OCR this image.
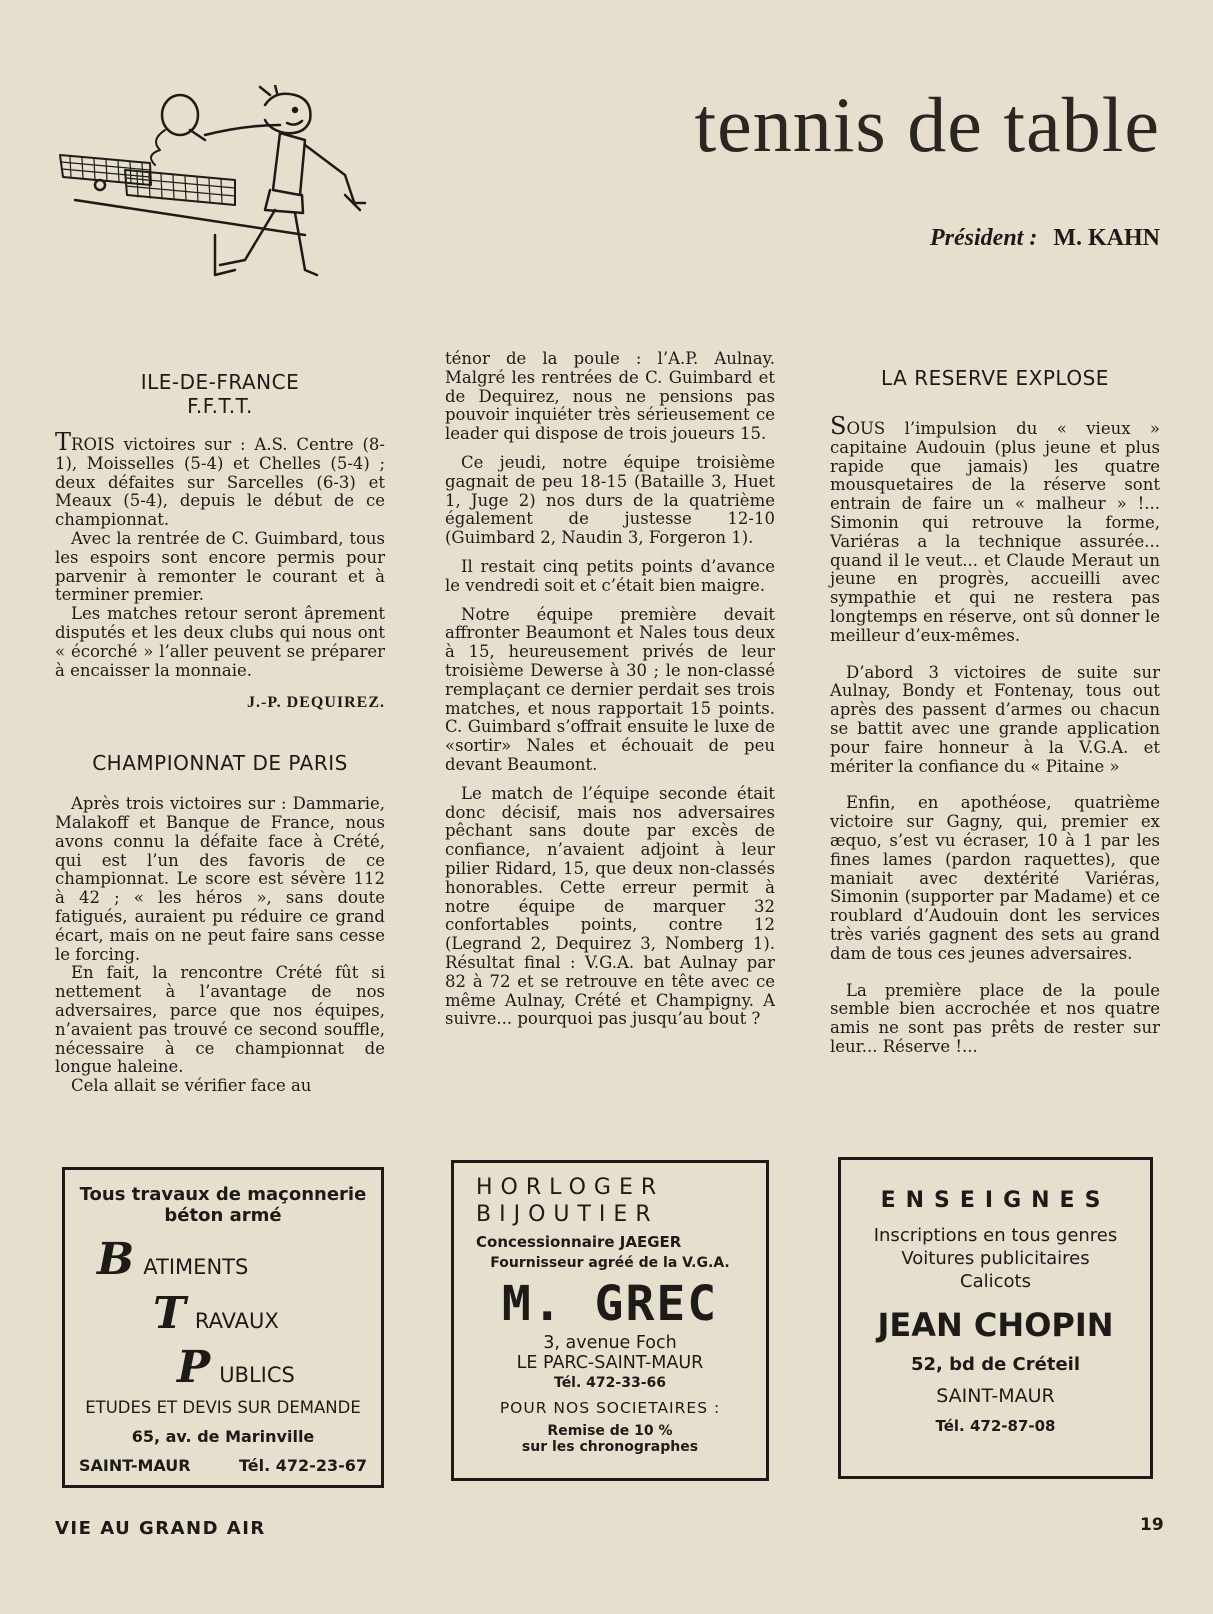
tennis de table
Président : M. KAHN
ILE-DE-FRANCE
F.F.T.T.

TROIS victoires sur : A.S. Centre (8-1), Moisselles (5-4) et Chelles (5-4) ; deux défaites sur Sarcelles (6-3) et Meaux (5-4), depuis le début de ce championnat.

Avec la rentrée de C. Guimbard, tous les espoirs sont encore permis pour parvenir à remonter le courant et à terminer premier.

Les matches retour seront âprement disputés et les deux clubs qui nous ont « écorché » l’aller peuvent se préparer à encaisser la monnaie.

J.-P. DEQUIREZ.
CHAMPIONNAT DE PARIS

Après trois victoires sur : Dammarie, Malakoff et Banque de France, nous avons connu la défaite face à Crété, qui est l’un des favoris de ce championnat. Le score est sévère 112 à 42 ; « les héros », sans doute fatigués, auraient pu réduire ce grand écart, mais on ne peut faire sans cesse le forcing.

En fait, la rencontre Crété fût si nettement à l’avantage de nos adversaires, parce que nos équipes, n’avaient pas trouvé ce second souffle, nécessaire à ce championnat de longue haleine.

Cela allait se vérifier face au

ténor de la poule : l’A.P. Aulnay. Malgré les rentrées de C. Guimbard et de Dequirez, nous ne pensions pas pouvoir inquiéter très sérieusement ce leader qui dispose de trois joueurs 15.

Ce jeudi, notre équipe troisième gagnait de peu 18-15 (Bataille 3, Huet 1, Juge 2) nos durs de la quatrième également de justesse 12-10 (Guimbard 2, Naudin 3, Forgeron 1).

Il restait cinq petits points d’avance le vendredi soit et c’était bien maigre.

Notre équipe première devait affronter Beaumont et Nales tous deux à 15, heureusement privés de leur troisième Dewerse à 30 ; le non-classé remplaçant ce dernier perdait ses trois matches, et nous rapportait 15 points. C. Guimbard s’offrait ensuite le luxe de «sortir» Nales et échouait de peu devant Beaumont.

Le match de l’équipe seconde était donc décisif, mais nos adversaires pêchant sans doute par excès de confiance, n’avaient adjoint à leur pilier Ridard, 15, que deux non-classés honorables. Cette erreur permit à notre équipe de marquer 32 confortables points, contre 12 (Legrand 2, Dequirez 3, Nomberg 1). Résultat final : V.G.A. bat Aulnay par 82 à 72 et se retrouve en tête avec ce même Aulnay, Crété et Champigny. A suivre... pourquoi pas jusqu’au bout ?

LA RESERVE EXPLOSE

SOUS l’impulsion du « vieux » capitaine Audouin (plus jeune et plus rapide que jamais) les quatre mousquetaires de la réserve sont entrain de faire un « malheur » !... Simonin qui retrouve la forme, Variéras a la technique assurée... quand il le veut... et Claude Meraut un jeune en progrès, accueilli avec sympathie et qui ne restera pas longtemps en réserve, ont sû donner le meilleur d’eux-mêmes.

D’abord 3 victoires de suite sur Aulnay, Bondy et Fontenay, tous out après des passent d’armes ou chacun se battit avec une grande application pour faire honneur à la V.G.A. et mériter la confiance du « Pitaine »

Enfin, en apothéose, quatrième victoire sur Gagny, qui, premier ex æquo, s’est vu écraser, 10 à 1 par les fines lames (pardon raquettes), que maniait avec dextérité Variéras, Simonin (supporter par Madame) et ce roublard d’Audouin dont les services très variés gagnent des sets au grand dam de tous ces jeunes adversaires.

La première place de la poule semble bien accrochée et nos quatre amis ne sont pas prêts de rester sur leur... Réserve !...

Tous travaux de maçonnerie
béton armé
B ATIMENTS
T RAVAUX
P UBLICS
ETUDES ET DEVIS SUR DEMANDE
65, av. de Marinville
SAINT-MAUR	Tél. 472-23-67
HORLOGER
BIJOUTIER
Concessionnaire JAEGER
Fournisseur agréé de la V.G.A.
M. GREC
3, avenue Foch
LE PARC-SAINT-MAUR
Tél. 472-33-66
POUR NOS SOCIETAIRES :
Remise de 10 %
sur les chronographes
ENSEIGNES
Inscriptions en tous genres
Voitures publicitaires
Calicots
JEAN CHOPIN
52, bd de Créteil
SAINT-MAUR
Tél. 472-87-08
VIE AU GRAND AIR	19
